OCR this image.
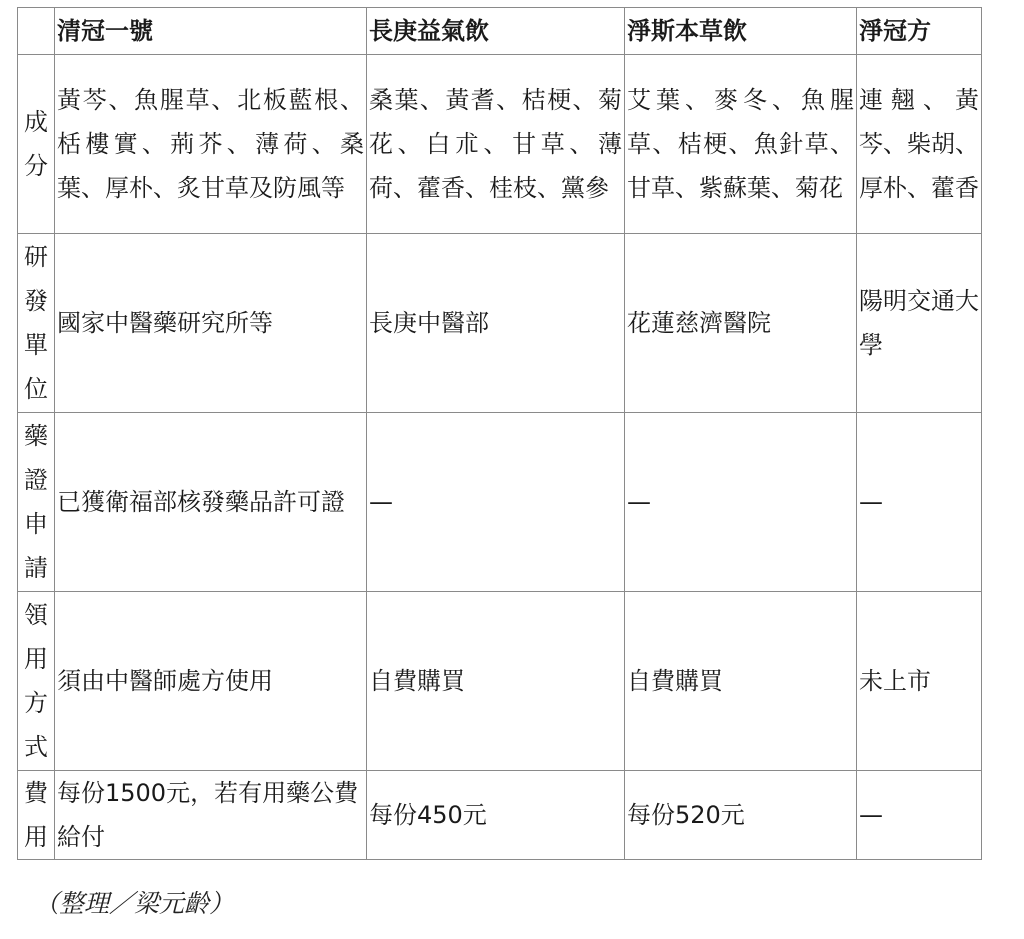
	清冠一號	長庚益氣飲	淨斯本草飲	淨冠方
成分	黃芩、魚腥草、北板藍根、栝樓實、荊芥、薄荷、桑葉、厚朴、炙甘草及防風等	桑葉、黃耆、桔梗、菊花、白朮、甘草、薄荷、藿香、桂枝、黨參	艾葉、麥冬、魚腥草、桔梗、魚針草、甘草、紫蘇葉、菊花	連翹、黃芩、柴胡、厚朴、藿香
研發單位	國家中醫藥研究所等	長庚中醫部	花蓮慈濟醫院	陽明交通大學
藥證申請	已獲衛福部核發藥品許可證	—	—	—
領用方式	須由中醫師處方使用	自費購買	自費購買	未上市
費用	每份1500元，若有用藥公費給付	每份450元	每份520元	—
（整理／梁元齡）
